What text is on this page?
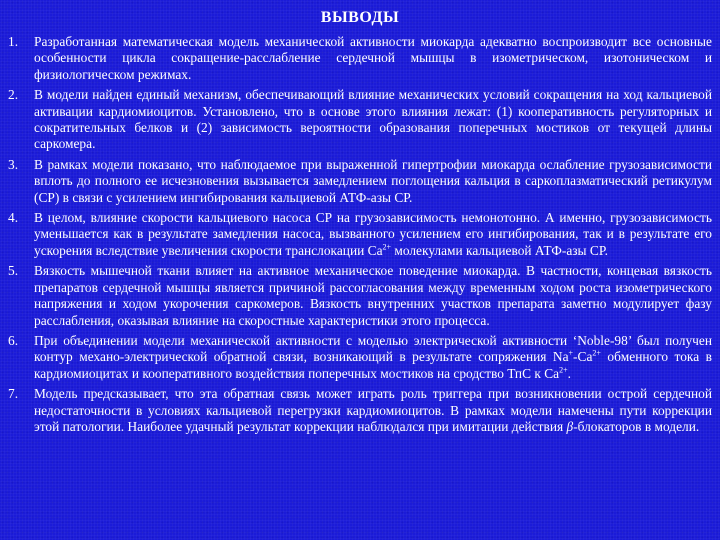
ВЫВОДЫ
1.	Разработанная математическая модель механической активности миокарда адекватно воспроизводит все основные особенности цикла сокращение-расслабление сердечной мышцы в изометрическом, изотоническом и физиологическом режимах.
2.	В модели найден единый механизм, обеспечивающий влияние механических условий сокращения на ход кальциевой активации кардиомиоцитов. Установлено, что в основе этого влияния лежат: (1) кооперативность регуляторных и сократительных белков и (2) зависимость вероятности образования поперечных мостиков от текущей длины саркомера.
3.	В рамках модели показано, что наблюдаемое при выраженной гипертрофии миокарда ослабление грузозависимости вплоть до полного ее исчезновения вызывается замедлением поглощения кальция в саркоплазматический ретикулум (СР) в связи с усилением ингибирования кальциевой АТФ-азы СР.
4.	В целом, влияние скорости кальциевого насоса СР на грузозависимость немонотонно. А именно, грузозависимость уменьшается как в результате замедления насоса, вызванного усилением его ингибирования, так и в результате его ускорения вследствие увеличения скорости транслокации $Ca^{2+}$ молекулами кальциевой АТФ-азы СР.
5.	Вязкость мышечной ткани влияет на активное механическое поведение миокарда. В частности, концевая вязкость препаратов сердечной мышцы является причиной рассогласования между временным ходом роста изометрического напряжения и ходом укорочения саркомеров. Вязкость внутренних участков препарата заметно модулирует фазу расслабления, оказывая влияние на скоростные характеристики этого процесса.
6.	При объединении модели механической активности с моделью электрической активности ‘Noble-98’ был получен контур механо-электрической обратной связи, возникающий в результате сопряжения $Na^+-Ca^{2+}$ обменного тока в кардиомиоцитах и кооперативного воздействия поперечных мостиков на сродство ТпС к $Ca^{2+}$.
7.	Модель предсказывает, что эта обратная связь может играть роль триггера при возникновении острой сердечной недостаточности в условиях кальциевой перегрузки кардиомиоцитов. В рамках модели намечены пути коррекции этой патологии. Наиболее удачный результат коррекции наблюдался при имитации действия β-блокаторов в модели.
